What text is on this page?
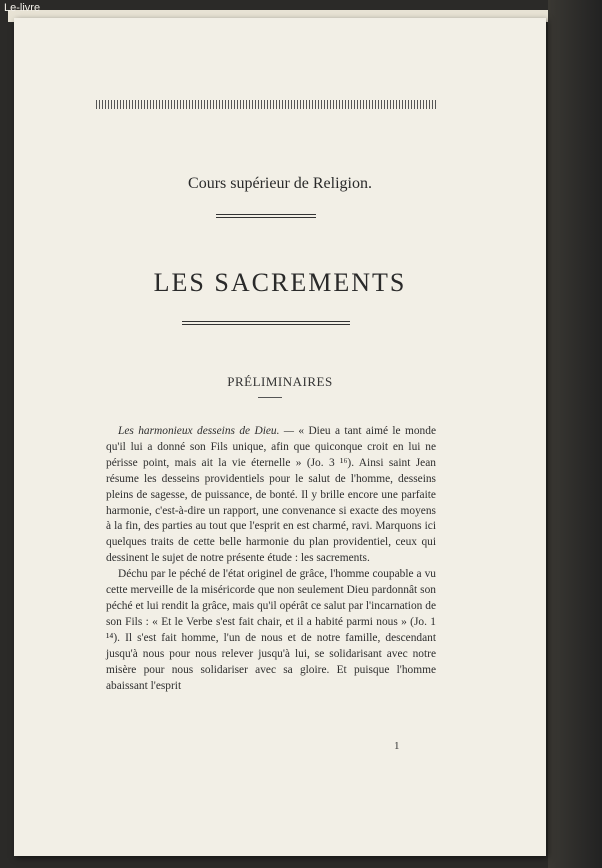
Cours supérieur de Religion.
LES SACREMENTS
PRÉLIMINAIRES

Les harmonieux desseins de Dieu. — « Dieu a tant aimé le monde qu'il lui a donné son Fils unique, afin que quiconque croit en lui ne périsse point, mais ait la vie éternelle » (Jo. 3 ¹⁶). Ainsi saint Jean résume les desseins providentiels pour le salut de l'homme, desseins pleins de sagesse, de puissance, de bonté. Il y brille encore une parfaite harmonie, c'est-à-dire un rapport, une convenance si exacte des moyens à la fin, des parties au tout que l'esprit en est charmé, ravi. Marquons ici quelques traits de cette belle harmonie du plan providentiel, ceux qui dessinent le sujet de notre présente étude : les sacrements.

Déchu par le péché de l'état originel de grâce, l'homme coupable a vu cette merveille de la miséricorde que non seulement Dieu pardonnât son péché et lui rendit la grâce, mais qu'il opérât ce salut par l'incarnation de son Fils : « Et le Verbe s'est fait chair, et il a habité parmi nous » (Jo. 1 ¹⁴). Il s'est fait homme, l'un de nous et de notre famille, descendant jusqu'à nous pour nous relever jusqu'à lui, se solidarisant avec notre misère pour nous solidariser avec sa gloire. Et puisque l'homme abaissant l'esprit

1
Le-livre
